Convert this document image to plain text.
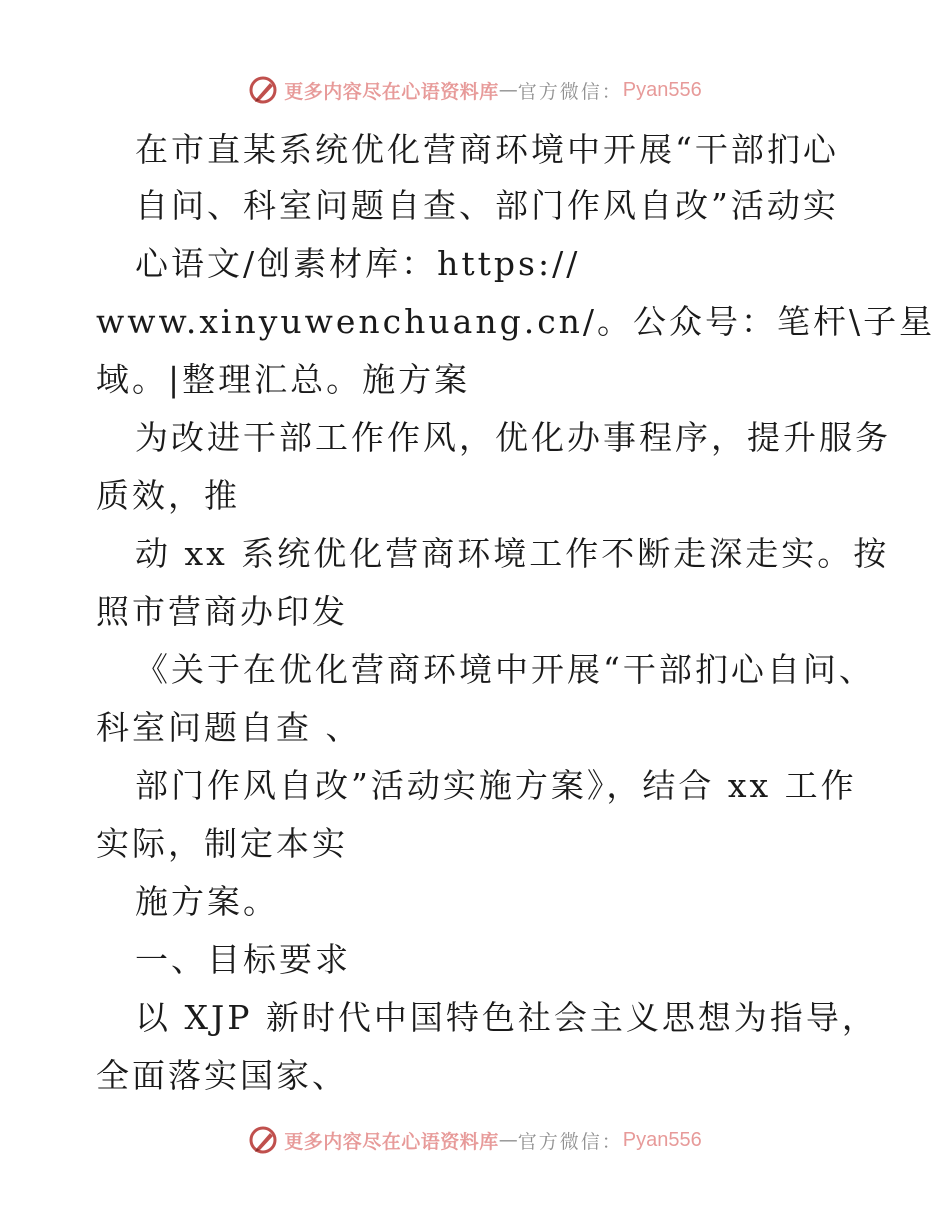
更多内容尽在心语资料库 — 官方微信： Pyan556
在市直某系统优化营商环境中开展“干部扪心
自问、科室问题自查、部门作风自改”活动实
心语文/创素材库：https://
www.xinyuwenchuang.cn/。公众号：笔杆\子星
域。|整理汇总。施方案
为改进干部工作作风，优化办事程序，提升服务
质效，推
动 xx 系统优化营商环境工作不断走深走实。按
照市营商办印发
《关于在优化营商环境中开展“干部扪心自问、
科室问题自查 、
部门作风自改”活动实施方案》，结合 xx 工作
实际，制定本实
施方案。
一、目标要求
以 XJP 新时代中国特色社会主义思想为指导，
全面落实国家、
更多内容尽在心语资料库 — 官方微信： Pyan556
